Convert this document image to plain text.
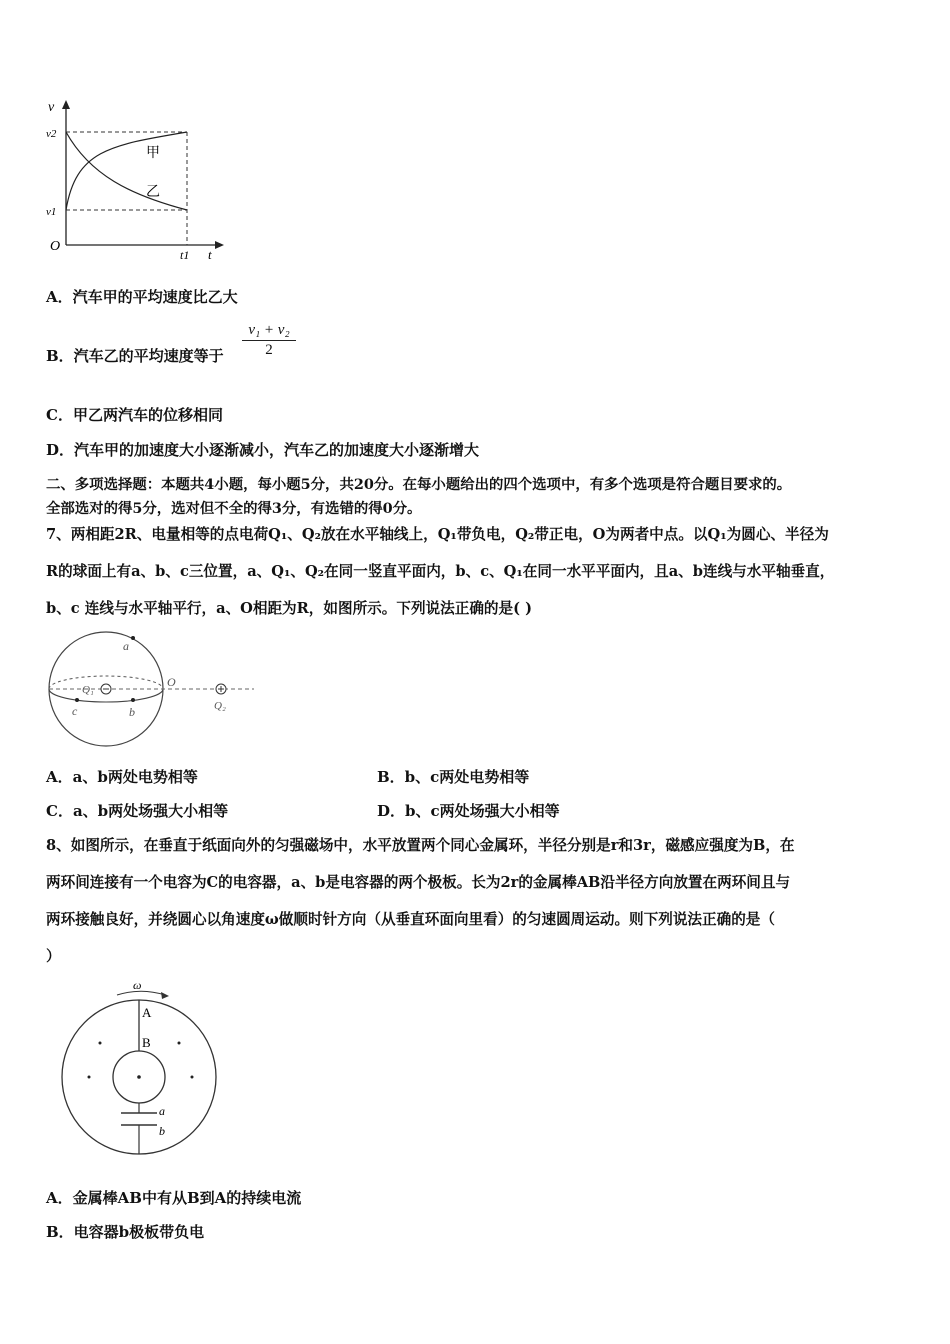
v
v2
v1
O
t1 t
甲
乙
A．汽车甲的平均速度比乙大
B．汽车乙的平均速度等于
v₁ + v₂
2
C．甲乙两汽车的位移相同
D．汽车甲的加速度大小逐渐减小，汽车乙的加速度大小逐渐增大
二、多项选择题：本题共4小题，每小题5分，共20分。在每小题给出的四个选项中，有多个选项是符合题目要求的。
全部选对的得5分，选对但不全的得3分，有选错的得0分。
7、两相距2R、电量相等的点电荷Q₁、Q₂放在水平轴线上，Q₁带负电，Q₂带正电，O为两者中点。以Q₁为圆心、半径为
R的球面上有a、b、c三位置，a、Q₁、Q₂在同一竖直平面内，b、c、Q₁在同一水平平面内，且a、b连线与水平轴垂直，
b、c 连线与水平轴平行，a、O相距为R，如图所示。下列说法正确的是( )
a
Q₁
O
c	b	Q₂
A．a、b两处电势相等	B．b、c两处电势相等
C．a、b两处场强大小相等	D．b、c两处场强大小相等
8、如图所示，在垂直于纸面向外的匀强磁场中，水平放置两个同心金属环，半径分别是r和3r，磁感应强度为B，在
两环间连接有一个电容为C的电容器，a、b是电容器的两个极板。长为2r的金属棒AB沿半径方向放置在两环间且与
两环接触良好，并绕圆心以角速度ω做顺时针方向（从垂直环面向里看）的匀速圆周运动。则下列说法正确的是（
）
ω
A
B
a
b
A．金属棒AB中有从B到A的持续电流
B．电容器b极板带负电
